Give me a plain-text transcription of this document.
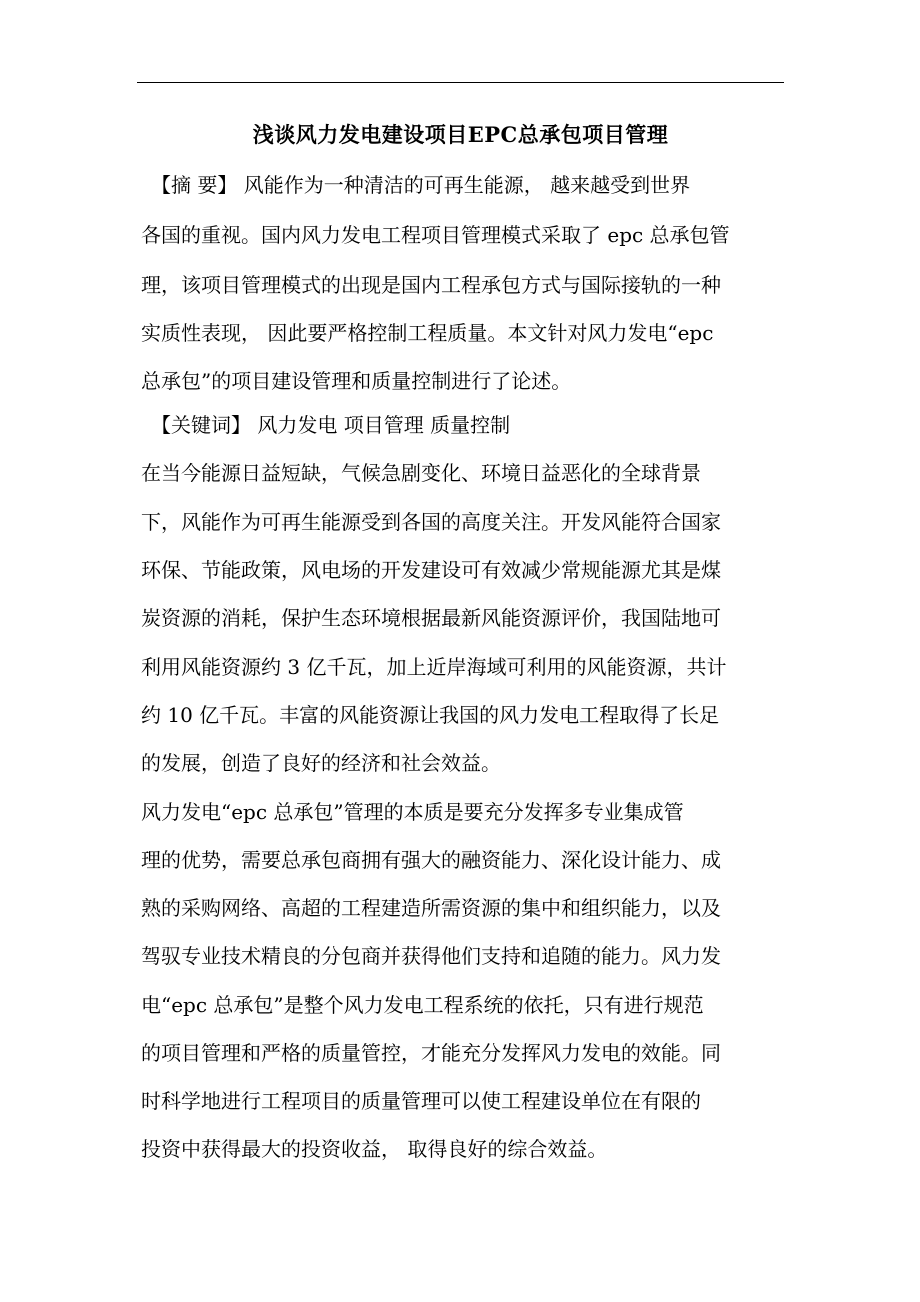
浅谈风力发电建设项目EPC总承包项目管理
　【摘 要】 风能作为一种清洁的可再生能源， 越来越受到世界
各国的重视。国内风力发电工程项目管理模式采取了 epc 总承包管
理，该项目管理模式的出现是国内工程承包方式与国际接轨的一种
实质性表现， 因此要严格控制工程质量。本文针对风力发电“epc
总承包”的项目建设管理和质量控制进行了论述。
　【关键词】 风力发电 项目管理 质量控制
在当今能源日益短缺，气候急剧变化、环境日益恶化的全球背景
下，风能作为可再生能源受到各国的高度关注。开发风能符合国家
环保、节能政策，风电场的开发建设可有效减少常规能源尤其是煤
炭资源的消耗，保护生态环境根据最新风能资源评价，我国陆地可
利用风能资源约 3 亿千瓦，加上近岸海域可利用的风能资源，共计
约 10 亿千瓦。丰富的风能资源让我国的风力发电工程取得了长足
的发展，创造了良好的经济和社会效益。
风力发电“epc 总承包”管理的本质是要充分发挥多专业集成管
理的优势，需要总承包商拥有强大的融资能力、深化设计能力、成
熟的采购网络、高超的工程建造所需资源的集中和组织能力，以及
驾驭专业技术精良的分包商并获得他们支持和追随的能力。风力发
电“epc 总承包”是整个风力发电工程系统的依托，只有进行规范
的项目管理和严格的质量管控，才能充分发挥风力发电的效能。同
时科学地进行工程项目的质量管理可以使工程建设单位在有限的
投资中获得最大的投资收益， 取得良好的综合效益。
